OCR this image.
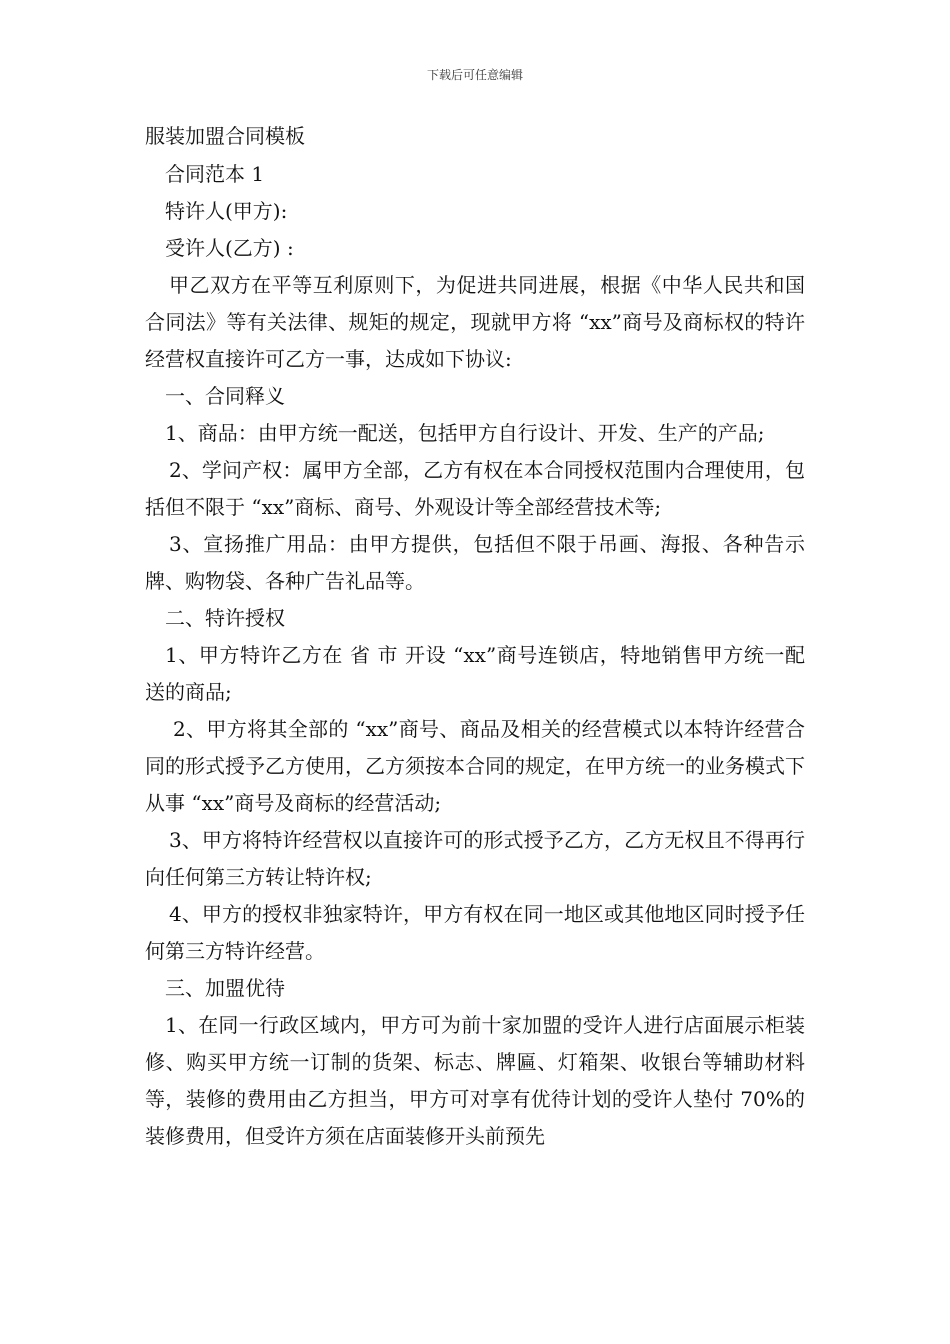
下载后可任意编辑
服装加盟合同模板

合同范本 1

特许人(甲方):

受许人(乙方) :

甲乙双方在平等互利原则下，为促进共同进展，根据《中华人民共和国合同法》等有关法律、规矩的规定，现就甲方将 “xx”商号及商标权的特许经营权直接许可乙方一事，达成如下协议:

一、合同释义

1、商品：由甲方统一配送，包括甲方自行设计、开发、生产的产品;

2、学问产权：属甲方全部，乙方有权在本合同授权范围内合理使用，包括但不限于 “xx”商标、商号、外观设计等全部经营技术等;

3、宣扬推广用品：由甲方提供，包括但不限于吊画、海报、各种告示牌、购物袋、各种广告礼品等。

二、特许授权

1、甲方特许乙方在 省 市 开设 “xx”商号连锁店，特地销售甲方统一配送的商品;

2、甲方将其全部的 “xx”商号、商品及相关的经营模式以本特许经营合同的形式授予乙方使用，乙方须按本合同的规定，在甲方统一的业务模式下从事 “xx”商号及商标的经营活动;

3、甲方将特许经营权以直接许可的形式授予乙方，乙方无权且不得再行向任何第三方转让特许权;

4、甲方的授权非独家特许，甲方有权在同一地区或其他地区同时授予任何第三方特许经营。

三、加盟优待

1、在同一行政区域内，甲方可为前十家加盟的受许人进行店面展示柜装修、购买甲方统一订制的货架、标志、牌匾、灯箱架、收银台等辅助材料等，装修的费用由乙方担当，甲方可对享有优待计划的受许人垫付 70%的装修费用，但受许方须在店面装修开头前预先
